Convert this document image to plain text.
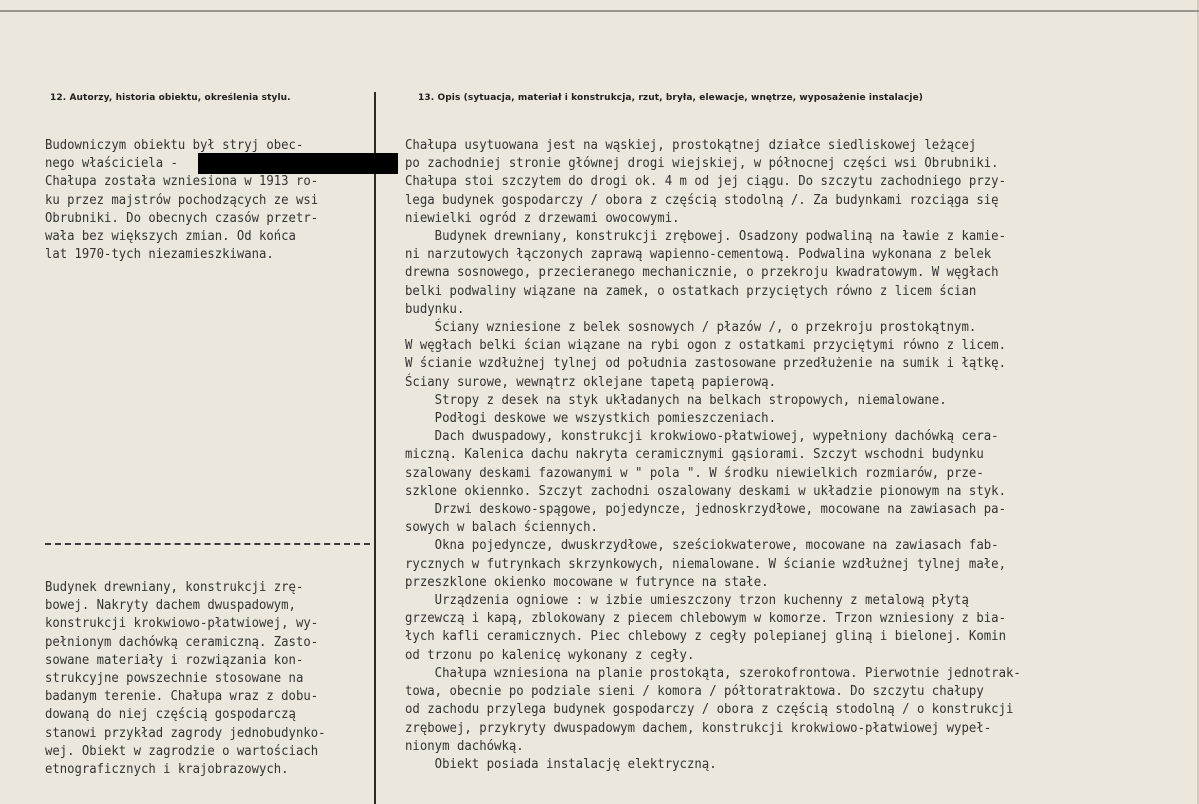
12. Autorzy, historia obiektu, określenia stylu.	13. Opis (sytuacja, materiał i konstrukcja, rzut, bryła, elewacje, wnętrze, wyposażenie instalacje)
Budowniczym obiektu był stryj obec-
nego właściciela -
Chałupa została wzniesiona w 1913 ro-
ku przez majstrów pochodzących ze wsi
Obrubniki. Do obecnych czasów przetr-
wała bez większych zmian. Od końca
lat 1970-tych niezamieszkiwana.
Budynek drewniany, konstrukcji zrę-
bowej. Nakryty dachem dwuspadowym,
konstrukcji krokwiowo-płatwiowej, wy-
pełnionym dachówką ceramiczną. Zasto-
sowane materiały i rozwiązania kon-
strukcyjne powszechnie stosowane na
badanym terenie. Chałupa wraz z dobu-
dowaną do niej częścią gospodarczą
stanowi przykład zagrody jednobudynko-
wej. Obiekt w zagrodzie o wartościach
etnograficznych i krajobrazowych.
Chałupa usytuowana jest na wąskiej, prostokątnej działce siedliskowej leżącej
po zachodniej stronie głównej drogi wiejskiej, w północnej części wsi Obrubniki.
Chałupa stoi szczytem do drogi ok. 4 m od jej ciągu. Do szczytu zachodniego przy-
lega budynek gospodarczy / obora z częścią stodolną /. Za budynkami rozciąga się
niewielki ogród z drzewami owocowymi.
Budynek drewniany, konstrukcji zrębowej. Osadzony podwaliną na ławie z kamie-
ni narzutowych łączonych zaprawą wapienno-cementową. Podwalina wykonana z belek
drewna sosnowego, przecieranego mechanicznie, o przekroju kwadratowym. W węgłach
belki podwaliny wiązane na zamek, o ostatkach przyciętych równo z licem ścian
budynku.
Ściany wzniesione z belek sosnowych / płazów /, o przekroju prostokątnym.
W węgłach belki ścian wiązane na rybi ogon z ostatkami przyciętymi równo z licem.
W ścianie wzdłużnej tylnej od południa zastosowane przedłużenie na sumik i łątkę.
Ściany surowe, wewnątrz oklejane tapetą papierową.
Stropy z desek na styk układanych na belkach stropowych, niemalowane.
Podłogi deskowe we wszystkich pomieszczeniach.
Dach dwuspadowy, konstrukcji krokwiowo-płatwiowej, wypełniony dachówką cera-
miczną. Kalenica dachu nakryta ceramicznymi gąsiorami. Szczyt wschodni budynku
szalowany deskami fazowanymi w " pola ". W środku niewielkich rozmiarów, prze-
szklone okiennko. Szczyt zachodni oszalowany deskami w układzie pionowym na styk.
Drzwi deskowo-spągowe, pojedyncze, jednoskrzydłowe, mocowane na zawiasach pa-
sowych w balach ściennych.
Okna pojedyncze, dwuskrzydłowe, sześciokwaterowe, mocowane na zawiasach fab-
rycznych w futrynkach skrzynkowych, niemalowane. W ścianie wzdłużnej tylnej małe,
przeszklone okienko mocowane w futrynce na stałe.
Urządzenia ogniowe : w izbie umieszczony trzon kuchenny z metalową płytą
grzewczą i kapą, zblokowany z piecem chlebowym w komorze. Trzon wzniesiony z bia-
łych kafli ceramicznych. Piec chlebowy z cegły polepianej gliną i bielonej. Komin
od trzonu po kalenicę wykonany z cegły.
Chałupa wzniesiona na planie prostokąta, szerokofrontowa. Pierwotnie jednotrak-
towa, obecnie po podziale sieni / komora / półtoratraktowa. Do szczytu chałupy
od zachodu przylega budynek gospodarczy / obora z częścią stodolną / o konstrukcji
zrębowej, przykryty dwuspadowym dachem, konstrukcji krokwiowo-płatwiowej wypeł-
nionym dachówką.
Obiekt posiada instalację elektryczną.
